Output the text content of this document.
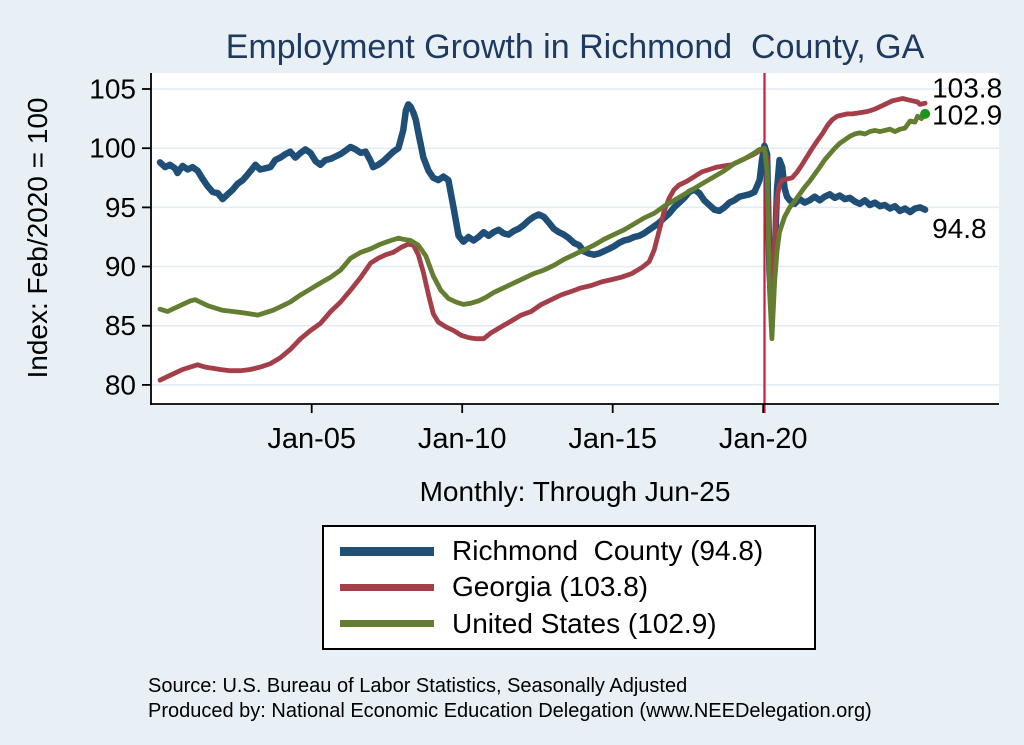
Employment Growth in Richmond  County, GA
Index: Feb/2020 = 100	94.8
103.8
102.9
80
85
90
95
100
105
Jan-05 Jan-10 Jan-15 Jan-20
Monthly: Through Jun-25
Richmond  County (94.8)
Georgia (103.8)
United States (102.9)
Source: U.S. Bureau of Labor Statistics, Seasonally Adjusted
Produced by: National Economic Education Delegation (www.NEEDelegation.org)
